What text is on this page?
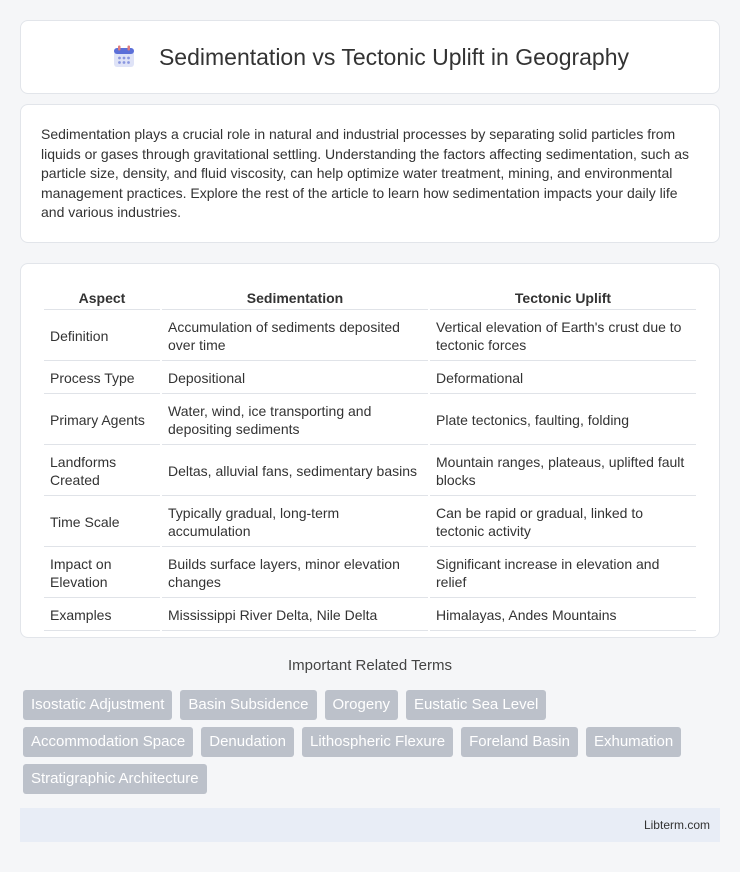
Sedimentation vs Tectonic Uplift in Geography

Sedimentation plays a crucial role in natural and industrial processes by separating solid particles from liquids or gases through gravitational settling. Understanding the factors affecting sedimentation, such as particle size, density, and fluid viscosity, can help optimize water treatment, mining, and environmental management practices. Explore the rest of the article to learn how sedimentation impacts your daily life and various industries.

Aspect	Sedimentation	Tectonic Uplift
Definition	Accumulation of sediments deposited over time	Vertical elevation of Earth's crust due to tectonic forces
Process Type	Depositional	Deformational
Primary Agents	Water, wind, ice transporting and depositing sediments	Plate tectonics, faulting, folding
Landforms Created	Deltas, alluvial fans, sedimentary basins	Mountain ranges, plateaus, uplifted fault blocks
Time Scale	Typically gradual, long-term accumulation	Can be rapid or gradual, linked to tectonic activity
Impact on Elevation	Builds surface layers, minor elevation changes	Significant increase in elevation and relief
Examples	Mississippi River Delta, Nile Delta	Himalayas, Andes Mountains
Important Related Terms
Isostatic Adjustment	Basin Subsidence	Orogeny	Eustatic Sea Level
Accommodation Space	Denudation	Lithospheric Flexure	Foreland Basin	Exhumation
Stratigraphic Architecture
Libterm.com
